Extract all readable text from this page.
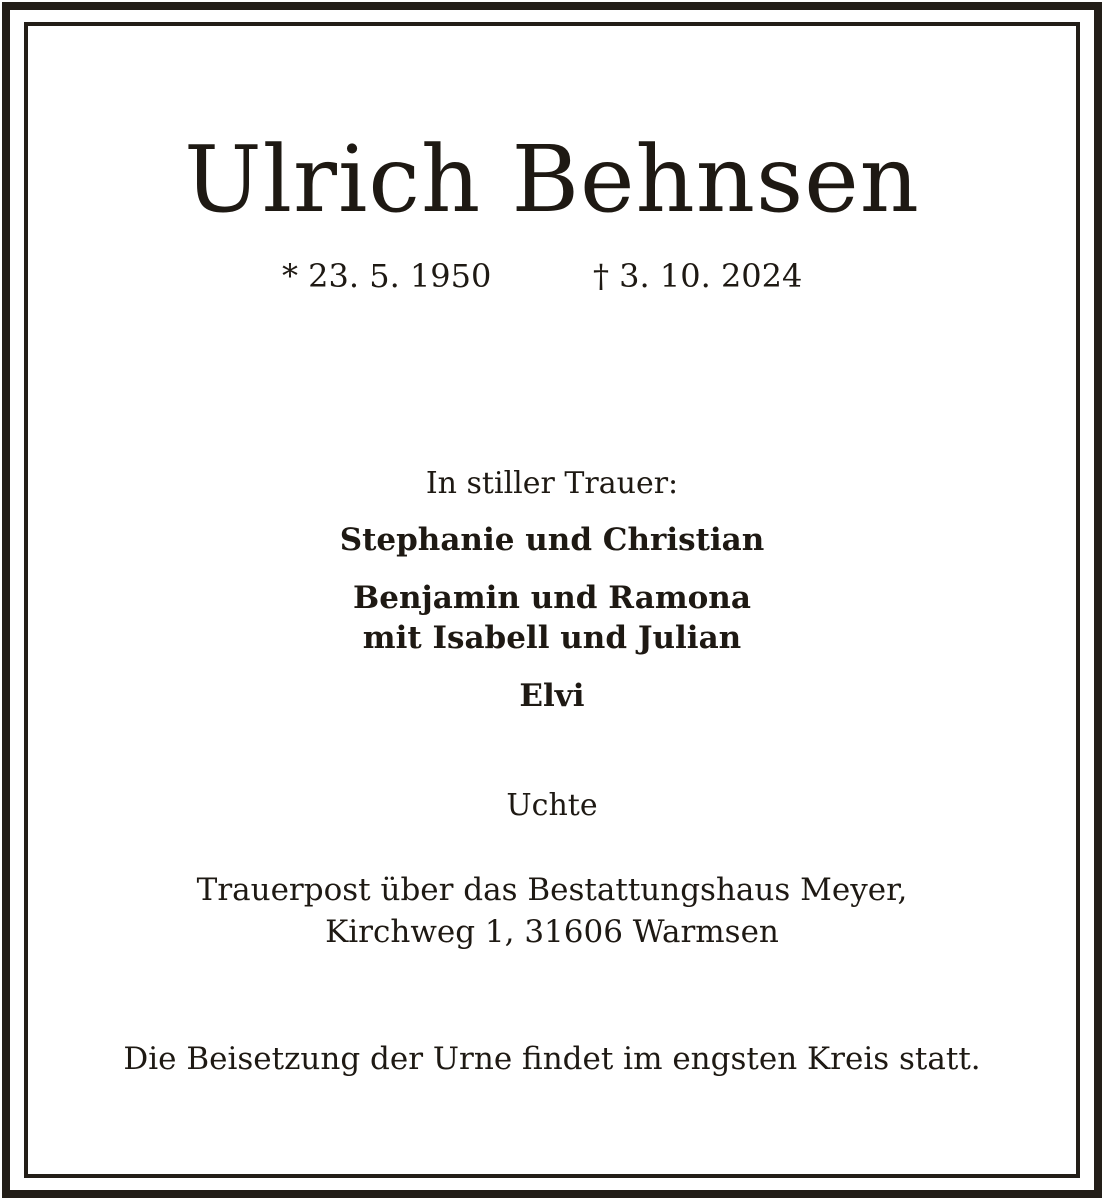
Ulrich Behnsen
* 23. 5. 1950	† 3. 10. 2024
In stiller Trauer:
Stephanie und Christian
Benjamin und Ramona
mit Isabell und Julian
Elvi
Uchte
Trauerpost über das Bestattungshaus Meyer,
Kirchweg 1, 31606 Warmsen
Die Beisetzung der Urne findet im engsten Kreis statt.
